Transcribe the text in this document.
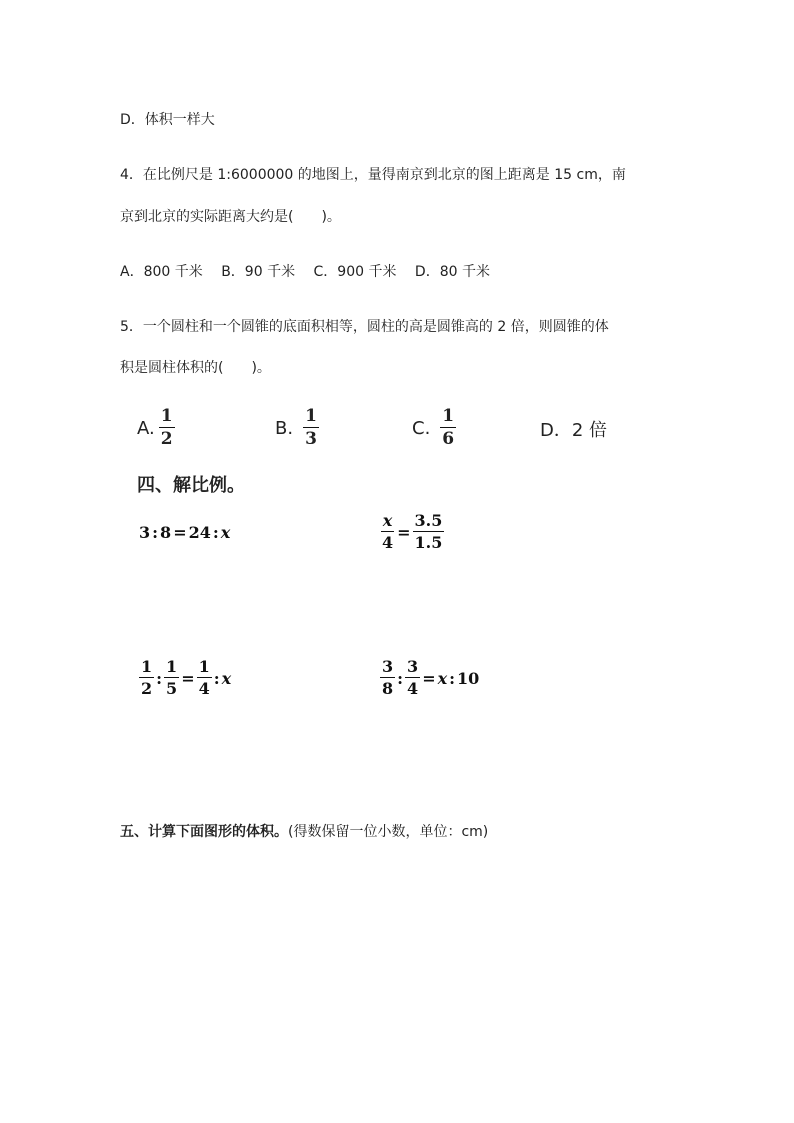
D．体积一样大
4．在比例尺是 1:6000000 的地图上，量得南京到北京的图上距离是 15 cm，南
京到北京的实际距离大约是(　　)。
A．800 千米　 B．90 千米　 C．900 千米　 D．80 千米
5．一个圆柱和一个圆锥的底面积相等，圆柱的高是圆锥高的 2 倍，则圆锥的体
积是圆柱体积的(　　)。
A. $\frac{1}{2}$	B. $\frac{1}{3}$	C. $\frac{1}{6}$	D．2 倍
四、解比例。
3 : 8 = 24 : x	$\frac{x}{4} = \frac{3.5}{1.5}$
$\frac{1}{2}$ : $\frac{1}{5} = \frac{1}{4}$ : x	$\frac{3}{8}$ : $\frac{3}{4} = x$ : 10
五、计算下面图形的体积。(得数保留一位小数，单位：cm)
